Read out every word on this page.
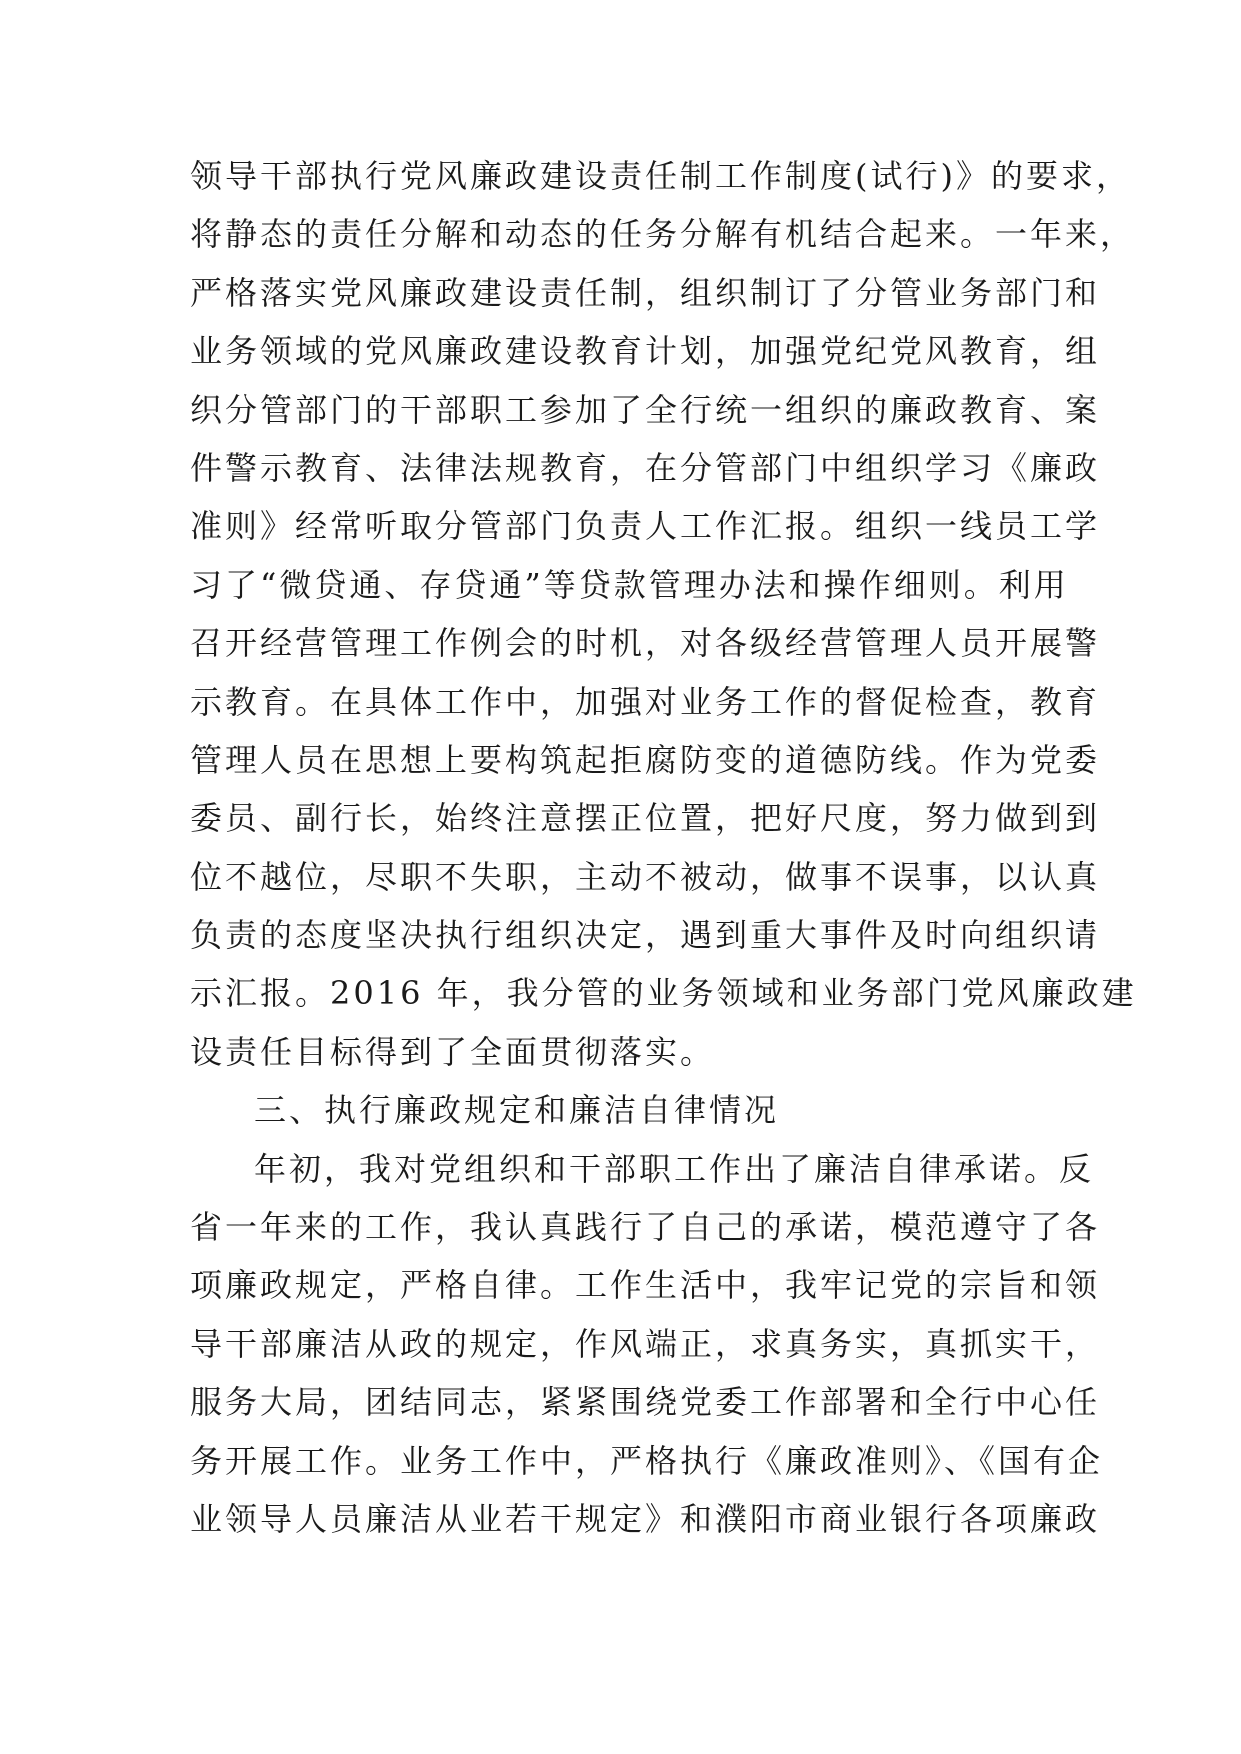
领导干部执行党风廉政建设责任制工作制度(试行)》的要求，
将静态的责任分解和动态的任务分解有机结合起来。一年来，
严格落实党风廉政建设责任制，组织制订了分管业务部门和
业务领域的党风廉政建设教育计划，加强党纪党风教育，组
织分管部门的干部职工参加了全行统一组织的廉政教育、案
件警示教育、法律法规教育，在分管部门中组织学习《廉政
准则》经常听取分管部门负责人工作汇报。组织一线员工学
习了“微贷通、存贷通”等贷款管理办法和操作细则。利用
召开经营管理工作例会的时机，对各级经营管理人员开展警
示教育。在具体工作中，加强对业务工作的督促检查，教育
管理人员在思想上要构筑起拒腐防变的道德防线。作为党委
委员、副行长，始终注意摆正位置，把好尺度，努力做到到
位不越位，尽职不失职，主动不被动，做事不误事，以认真
负责的态度坚决执行组织决定，遇到重大事件及时向组织请
示汇报。2016 年，我分管的业务领域和业务部门党风廉政建
设责任目标得到了全面贯彻落实。
三、执行廉政规定和廉洁自律情况
年初，我对党组织和干部职工作出了廉洁自律承诺。反
省一年来的工作，我认真践行了自己的承诺，模范遵守了各
项廉政规定，严格自律。工作生活中，我牢记党的宗旨和领
导干部廉洁从政的规定，作风端正，求真务实，真抓实干，
服务大局，团结同志，紧紧围绕党委工作部署和全行中心任
务开展工作。业务工作中，严格执行《廉政准则》、《国有企
业领导人员廉洁从业若干规定》和濮阳市商业银行各项廉政
